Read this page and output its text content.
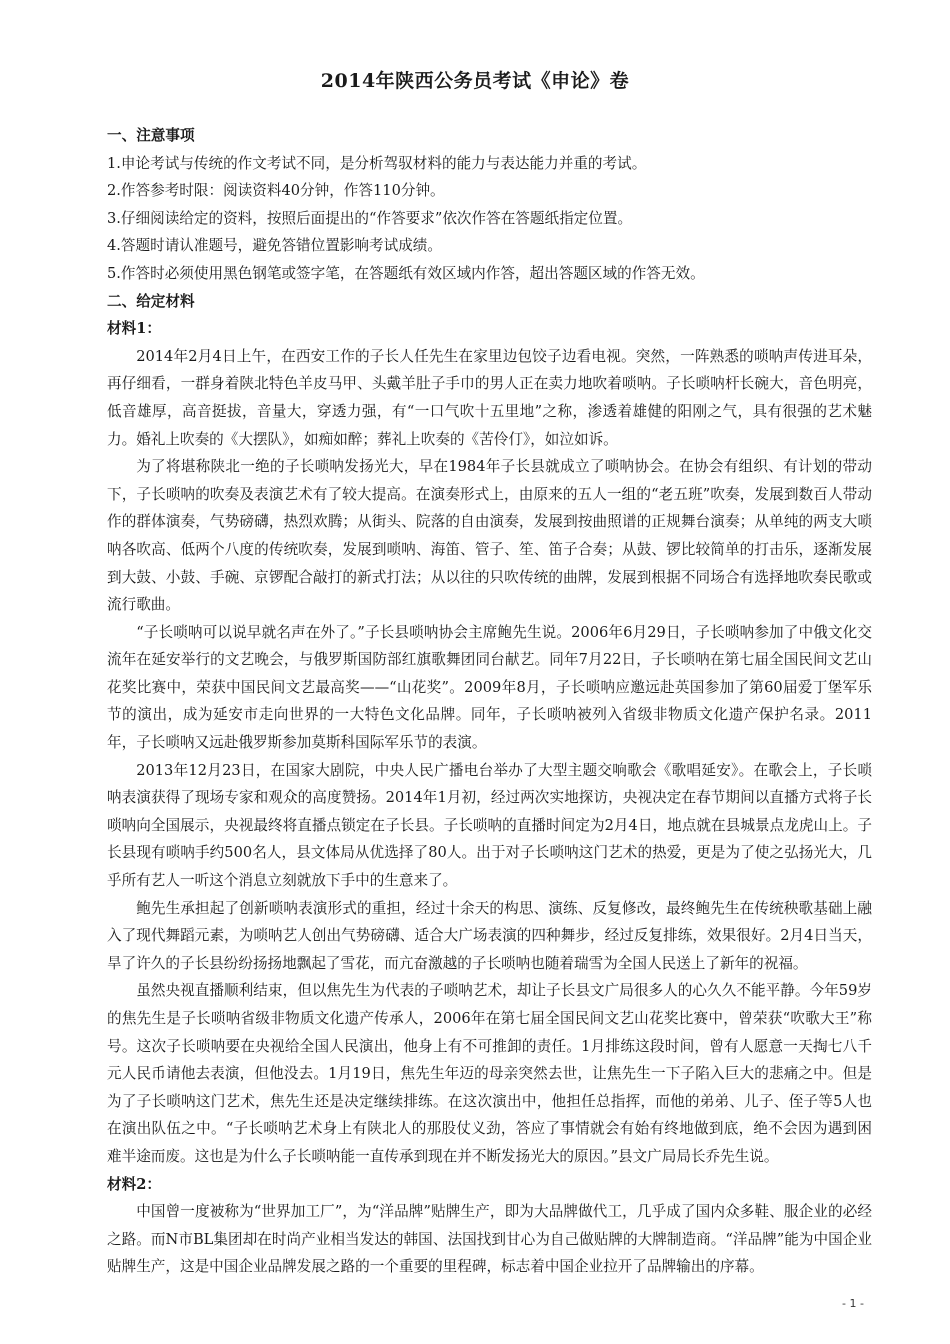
2014年陕西公务员考试《申论》卷

一、注意事项

1.申论考试与传统的作文考试不同，是分析驾驭材料的能力与表达能力并重的考试。

2.作答参考时限：阅读资料40分钟，作答110分钟。

3.仔细阅读给定的资料，按照后面提出的“作答要求”依次作答在答题纸指定位置。

4.答题时请认准题号，避免答错位置影响考试成绩。

5.作答时必须使用黑色钢笔或签字笔，在答题纸有效区域内作答，超出答题区域的作答无效。

二、给定材料

材料1：

2014年2月4日上午，在西安工作的子长人任先生在家里边包饺子边看电视。突然，一阵熟悉的唢呐声传进耳朵，再仔细看，一群身着陕北特色羊皮马甲、头戴羊肚子手巾的男人正在卖力地吹着唢呐。子长唢呐杆长碗大，音色明亮，低音雄厚，高音挺拔，音量大，穿透力强，有“一口气吹十五里地”之称，渗透着雄健的阳刚之气，具有很强的艺术魅力。婚礼上吹奏的《大摆队》，如痴如醉；葬礼上吹奏的《苦伶仃》，如泣如诉。

为了将堪称陕北一绝的子长唢呐发扬光大，早在1984年子长县就成立了唢呐协会。在协会有组织、有计划的带动下，子长唢呐的吹奏及表演艺术有了较大提高。在演奏形式上，由原来的五人一组的“老五班”吹奏，发展到数百人带动作的群体演奏，气势磅礴，热烈欢腾；从街头、院落的自由演奏，发展到按曲照谱的正规舞台演奏；从单纯的两支大唢呐各吹高、低两个八度的传统吹奏，发展到唢呐、海笛、管子、笙、笛子合奏；从鼓、锣比较简单的打击乐，逐渐发展到大鼓、小鼓、手碗、京锣配合敲打的新式打法；从以往的只吹传统的曲牌，发展到根据不同场合有选择地吹奏民歌或流行歌曲。

“子长唢呐可以说早就名声在外了。”子长县唢呐协会主席鲍先生说。2006年6月29日，子长唢呐参加了中俄文化交流年在延安举行的文艺晚会，与俄罗斯国防部红旗歌舞团同台献艺。同年7月22日，子长唢呐在第七届全国民间文艺山花奖比赛中，荣获中国民间文艺最高奖——“山花奖”。2009年8月，子长唢呐应邀远赴英国参加了第60届爱丁堡军乐节的演出，成为延安市走向世界的一大特色文化品牌。同年，子长唢呐被列入省级非物质文化遗产保护名录。2011年，子长唢呐又远赴俄罗斯参加莫斯科国际军乐节的表演。

2013年12月23日，在国家大剧院，中央人民广播电台举办了大型主题交响歌会《歌唱延安》。在歌会上，子长唢呐表演获得了现场专家和观众的高度赞扬。2014年1月初，经过两次实地探访，央视决定在春节期间以直播方式将子长唢呐向全国展示，央视最终将直播点锁定在子长县。子长唢呐的直播时间定为2月4日，地点就在县城景点龙虎山上。子长县现有唢呐手约500名人，县文体局从优选择了80人。出于对子长唢呐这门艺术的热爱，更是为了使之弘扬光大，几乎所有艺人一听这个消息立刻就放下手中的生意来了。

鲍先生承担起了创新唢呐表演形式的重担，经过十余天的构思、演练、反复修改，最终鲍先生在传统秧歌基础上融入了现代舞蹈元素，为唢呐艺人创出气势磅礴、适合大广场表演的四种舞步，经过反复排练，效果很好。2月4日当天，旱了许久的子长县纷纷扬扬地飘起了雪花，而亢奋激越的子长唢呐也随着瑞雪为全国人民送上了新年的祝福。

虽然央视直播顺利结束，但以焦先生为代表的子唢呐艺术，却让子长县文广局很多人的心久久不能平静。今年59岁的焦先生是子长唢呐省级非物质文化遗产传承人，2006年在第七届全国民间文艺山花奖比赛中，曾荣获“吹歌大王”称号。这次子长唢呐要在央视给全国人民演出，他身上有不可推卸的责任。1月排练这段时间，曾有人愿意一天掏七八千元人民币请他去表演，但他没去。1月19日，焦先生年迈的母亲突然去世，让焦先生一下子陷入巨大的悲痛之中。但是为了子长唢呐这门艺术，焦先生还是决定继续排练。在这次演出中，他担任总指挥，而他的弟弟、儿子、侄子等5人也在演出队伍之中。“子长唢呐艺术身上有陕北人的那股仗义劲，答应了事情就会有始有终地做到底，绝不会因为遇到困难半途而废。这也是为什么子长唢呐能一直传承到现在并不断发扬光大的原因。”县文广局局长乔先生说。

材料2：

中国曾一度被称为“世界加工厂”，为“洋品牌”贴牌生产，即为大品牌做代工，几乎成了国内众多鞋、服企业的必经之路。而N市BL集团却在时尚产业相当发达的韩国、法国找到甘心为自己做贴牌的大牌制造商。“洋品牌”能为中国企业贴牌生产，这是中国企业品牌发展之路的一个重要的里程碑，标志着中国企业拉开了品牌输出的序幕。

- 1 -
